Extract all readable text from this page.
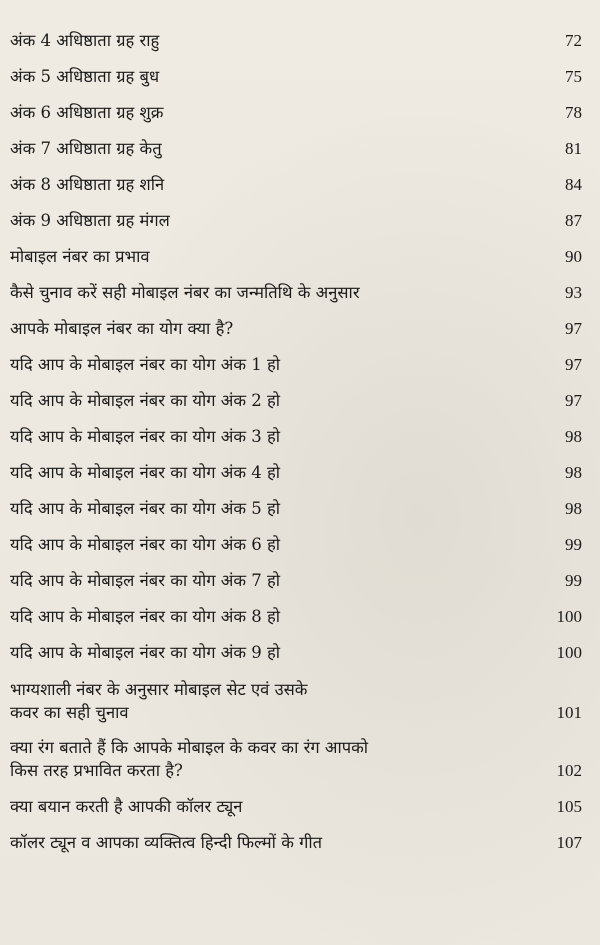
अंक 4 अधिष्ठाता ग्रह राहु	72
अंक 5 अधिष्ठाता ग्रह बुध	75
अंक 6 अधिष्ठाता ग्रह शुक्र	78
अंक 7 अधिष्ठाता ग्रह केतु	81
अंक 8 अधिष्ठाता ग्रह शनि	84
अंक 9 अधिष्ठाता ग्रह मंगल	87
मोबाइल नंबर का प्रभाव	90
कैसे चुनाव करें सही मोबाइल नंबर का जन्मतिथि के अनुसार	93
आपके मोबाइल नंबर का योग क्या है?	97
यदि आप के मोबाइल नंबर का योग अंक 1 हो	97
यदि आप के मोबाइल नंबर का योग अंक 2 हो	97
यदि आप के मोबाइल नंबर का योग अंक 3 हो	98
यदि आप के मोबाइल नंबर का योग अंक 4 हो	98
यदि आप के मोबाइल नंबर का योग अंक 5 हो	98
यदि आप के मोबाइल नंबर का योग अंक 6 हो	99
यदि आप के मोबाइल नंबर का योग अंक 7 हो	99
यदि आप के मोबाइल नंबर का योग अंक 8 हो	100
यदि आप के मोबाइल नंबर का योग अंक 9 हो	100
भाग्यशाली नंबर के अनुसार मोबाइल सेट एवं उसके कवर का सही चुनाव	101
क्या रंग बताते हैं कि आपके मोबाइल के कवर का रंग आपको किस तरह प्रभावित करता है?	102
क्या बयान करती है आपकी कॉलर ट्यून	105
कॉलर ट्यून व आपका व्यक्तित्व हिन्दी फिल्मों के गीत	107
